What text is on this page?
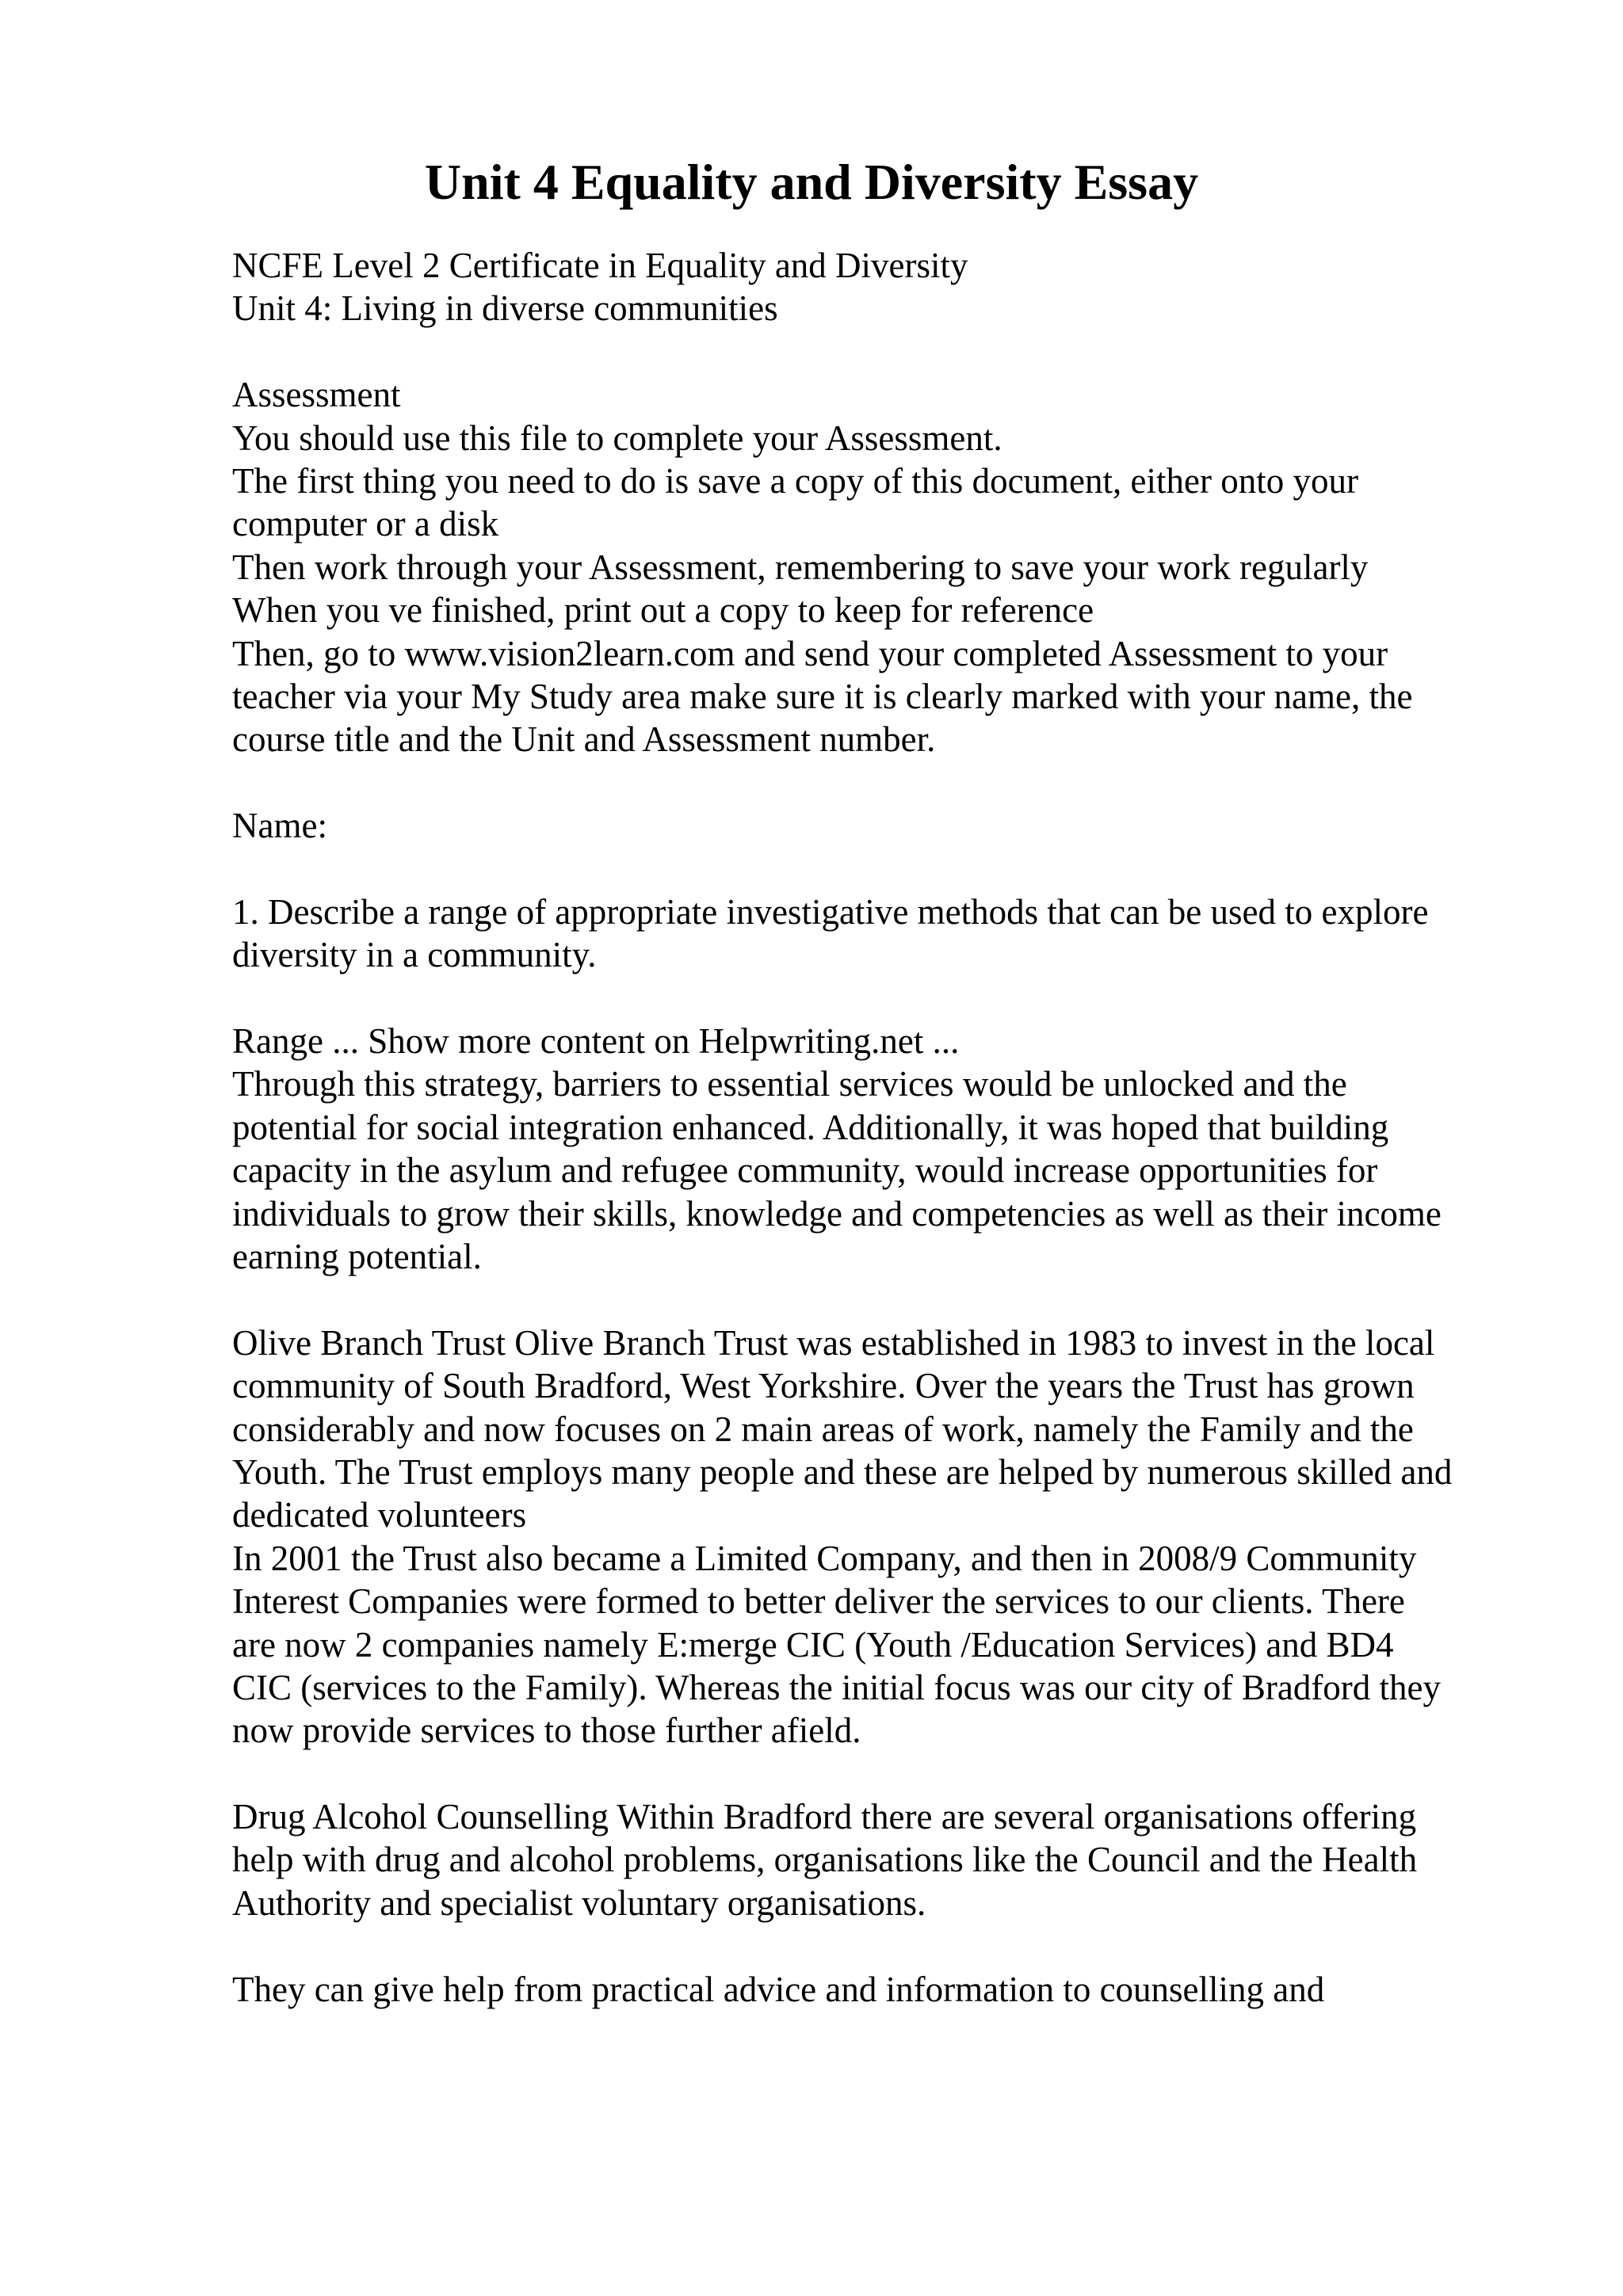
Unit 4 Equality and Diversity Essay
NCFE Level 2 Certificate in Equality and Diversity
Unit 4: Living in diverse communities
Assessment
You should use this file to complete your Assessment.
The first thing you need to do is save a copy of this document, either onto your
computer or a disk
Then work through your Assessment, remembering to save your work regularly
When you ve finished, print out a copy to keep for reference
Then, go to www.vision2learn.com and send your completed Assessment to your
teacher via your My Study area make sure it is clearly marked with your name, the
course title and the Unit and Assessment number.
Name:
1. Describe a range of appropriate investigative methods that can be used to explore
diversity in a community.
Range ... Show more content on Helpwriting.net ...
Through this strategy, barriers to essential services would be unlocked and the
potential for social integration enhanced. Additionally, it was hoped that building
capacity in the asylum and refugee community, would increase opportunities for
individuals to grow their skills, knowledge and competencies as well as their income
earning potential.
Olive Branch Trust Olive Branch Trust was established in 1983 to invest in the local
community of South Bradford, West Yorkshire. Over the years the Trust has grown
considerably and now focuses on 2 main areas of work, namely the Family and the
Youth. The Trust employs many people and these are helped by numerous skilled and
dedicated volunteers
In 2001 the Trust also became a Limited Company, and then in 2008/9 Community
Interest Companies were formed to better deliver the services to our clients. There
are now 2 companies namely E:merge CIC (Youth /Education Services) and BD4
CIC (services to the Family). Whereas the initial focus was our city of Bradford they
now provide services to those further afield.
Drug Alcohol Counselling Within Bradford there are several organisations offering
help with drug and alcohol problems, organisations like the Council and the Health
Authority and specialist voluntary organisations.
They can give help from practical advice and information to counselling and
